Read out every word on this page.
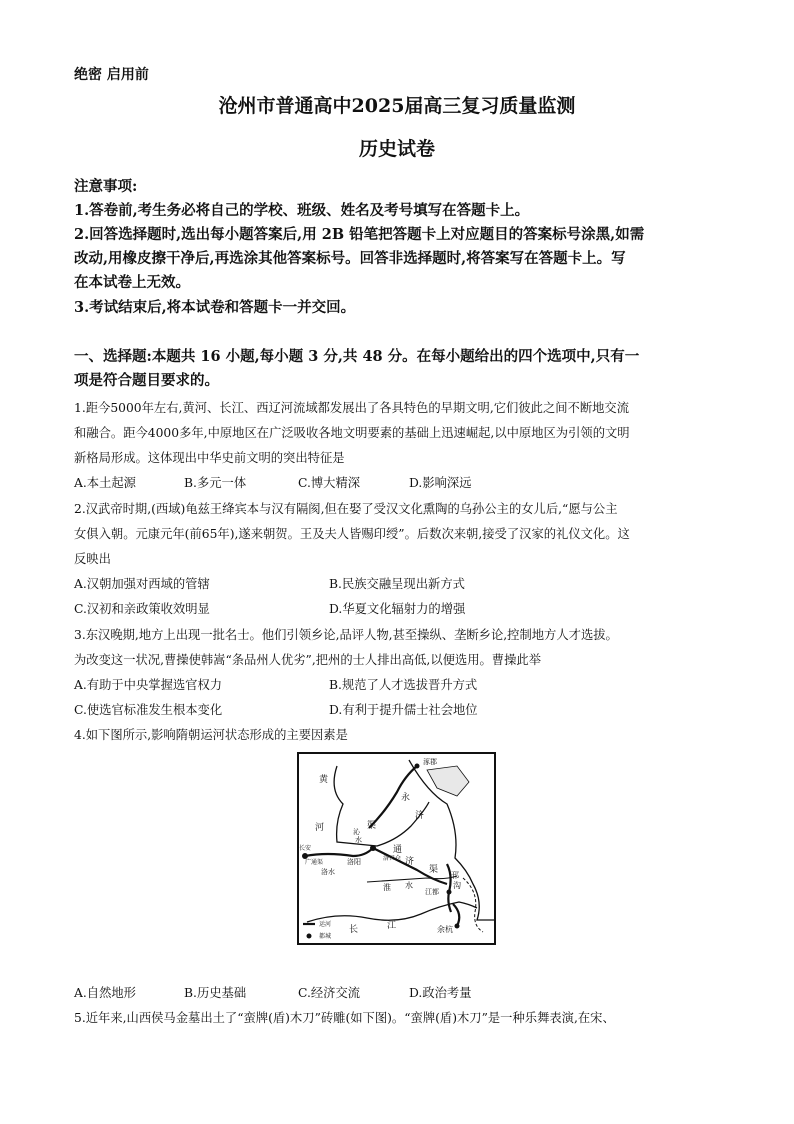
绝密 启用前
沧州市普通高中2025届高三复习质量监测
历史试卷
注意事项:
1.答卷前,考生务必将自己的学校、班级、姓名及考号填写在答题卡上。
2.回答选择题时,选出每小题答案后,用 2B 铅笔把答题卡上对应题目的答案标号涂黑,如需
改动,用橡皮擦干净后,再选涂其他答案标号。回答非选择题时,将答案写在答题卡上。写
在本试卷上无效。
3.考试结束后,将本试卷和答题卡一并交回。
一、选择题:本题共 16 小题,每小题 3 分,共 48 分。在每小题给出的四个选项中,只有一
项是符合题目要求的。
1.距今5000年左右,黄河、长江、西辽河流域都发展出了各具特色的早期文明,它们彼此之间不断地交流
和融合。距今4000多年,中原地区在广泛吸收各地文明要素的基础上迅速崛起,以中原地区为引领的文明
新格局形成。这体现出中华史前文明的突出特征是
A.本土起源	B.多元一体	C.博大精深	D.影响深远
2.汉武帝时期,(西域)龟兹王绛宾本与汉有隔阂,但在娶了受汉文化熏陶的乌孙公主的女儿后,“愿与公主
女俱入朝。元康元年(前65年),遂来朝贺。王及夫人皆赐印绶”。后数次来朝,接受了汉家的礼仪文化。这
反映出
A.汉朝加强对西域的管辖	B.民族交融呈现出新方式
C.汉初和亲政策收效明显	D.华夏文化辐射力的增强
3.东汉晚期,地方上出现一批名士。他们引领乡论,品评人物,甚至操纵、垄断乡论,控制地方人才选拔。
为改变这一状况,曹操使韩嵩“条品州人优劣”,把州的士人排出高低,以便选用。曹操此举
A.有助于中央掌握选官权力	B.规范了人才选拔晋升方式
C.使选官标准发生根本变化	D.有利于提升儒士社会地位
4.如下图所示,影响隋朝运河状态形成的主要因素是
黄
涿郡
永
济
河	沁
渠
水
长安
广通渠	洛阳	洛口仓
通
济
洛水	渠
淮 水
江都
邗
沟
余杭
长	江
运河
都城
A.自然地形	B.历史基础	C.经济交流	D.政治考量
5.近年来,山西侯马金墓出土了“蛮牌(盾)木刀”砖雕(如下图)。“蛮牌(盾)木刀”是一种乐舞表演,在宋、
